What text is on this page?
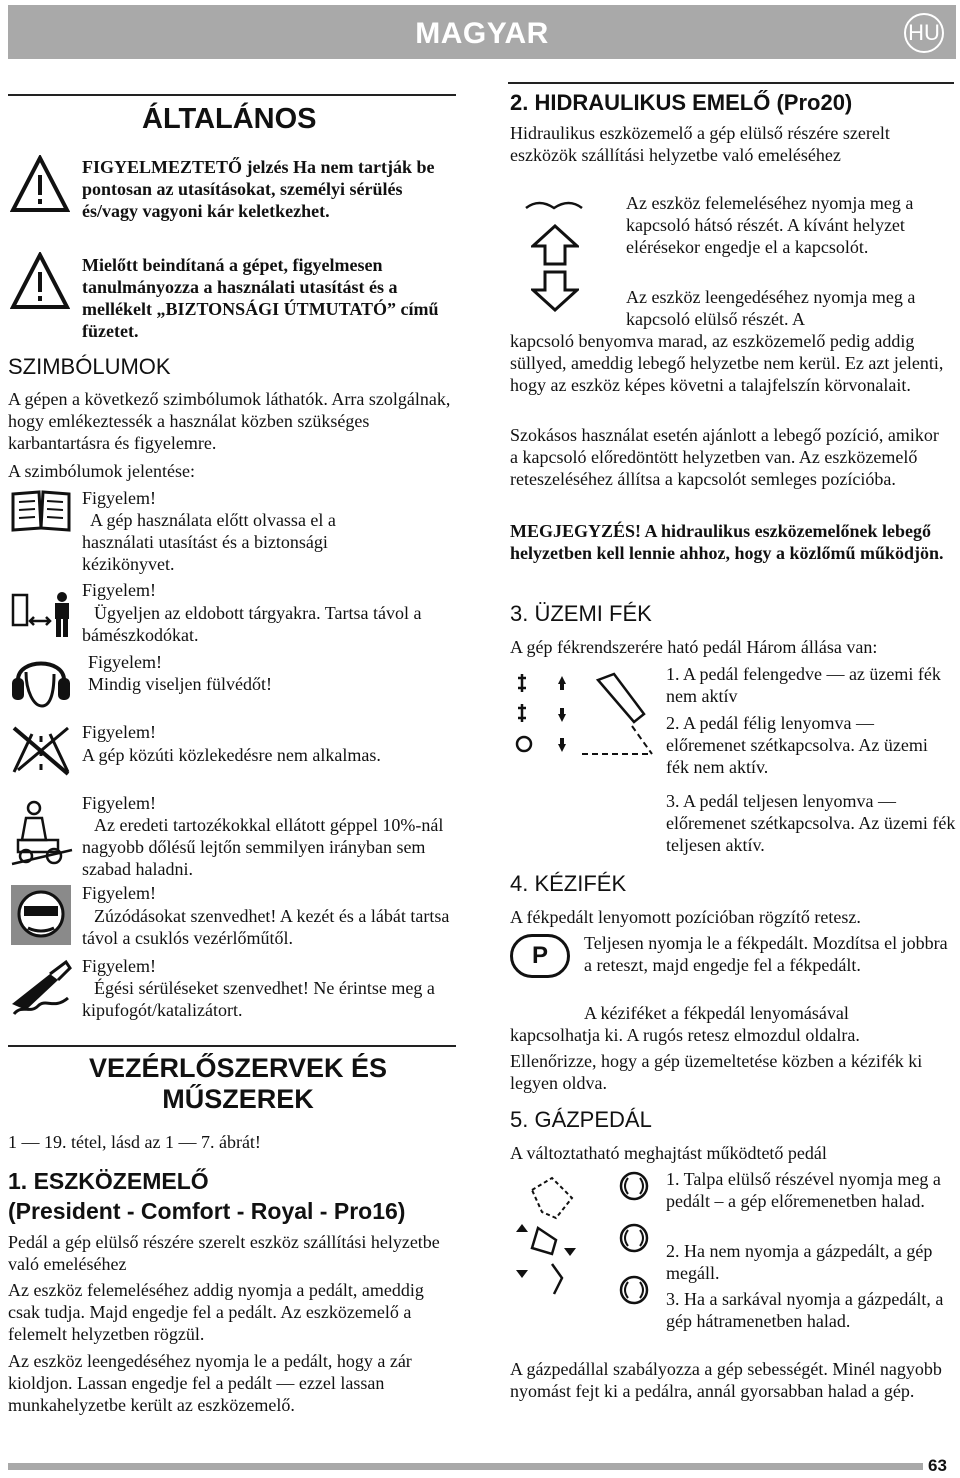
MAGYAR	HU
ÁLTALÁNOS

FIGYELMEZTETŐ jelzés Ha nem tartják be pontosan az utasításokat, személyi sérülés és/vagy vagyoni kár keletkezhet.

Mielőtt beindítaná a gépet, figyelmesen tanulmányozza a használati utasítást és a mellékelt „BIZTONSÁGI ÚTMUTATÓ” című füzetet.

SZIMBÓLUMOK

A gépen a következő szimbólumok láthatók. Arra szolgálnak, hogy emlékeztessék a használat közben szükséges karbantartásra és figyelemre.

A szimbólumok jelentése:

Figyelem!

A gép használata előtt olvassa el a használati utasítást és a biztonsági kézikönyvet.

Figyelem!

Ügyeljen az eldobott tárgyakra. Tartsa távol a bámészkodókat.

Figyelem!

Mindig viseljen fülvédőt!

Figyelem!

A gép közúti közlekedésre nem alkalmas.

Figyelem!

Az eredeti tartozékokkal ellátott géppel 10%-nál nagyobb dőlésű lejtőn semmilyen irányban sem szabad haladni.

Figyelem!

Zúzódásokat szenvedhet! A kezét és a lábát tartsa távol a csuklós vezérlőműtől.

Figyelem!

Égési sérüléseket szenvedhet! Ne érintse meg a kipufogót/katalizátort.

VEZÉRLŐSZERVEK ÉS
MŰSZEREK

1 — 19. tétel, lásd az 1 — 7. ábrát!

1. ESZKÖZEMELŐ
(President - Comfort - Royal - Pro16)

Pedál a gép elülső részére szerelt eszköz szállítási helyzetbe való emeléséhez

Az eszköz felemeléséhez addig nyomja a pedált, ameddig csak tudja. Majd engedje fel a pedált. Az eszközemelő a felemelt helyzetben rögzül.

Az eszköz leengedéséhez nyomja le a pedált, hogy a zár kioldjon. Lassan engedje fel a pedált — ezzel lassan munkahelyzetbe került az eszközemelő.

2. HIDRAULIKUS EMELŐ (Pro20)

Hidraulikus eszközemelő a gép elülső részére szerelt eszközök szállítási helyzetbe való emeléséhez

Az eszköz felemeléséhez nyomja meg a kapcsoló hátsó részét. A kívánt helyzet elérésekor engedje el a kapcsolót.

Az eszköz leengedéséhez nyomja meg a kapcsoló elülső részét. A

kapcsoló benyomva marad, az eszközemelő pedig addig süllyed, ameddig lebegő helyzetbe nem kerül. Ez azt jelenti, hogy az eszköz képes követni a talajfelszín körvonalait.

Szokásos használat esetén ajánlott a lebegő pozíció, amikor a kapcsoló előredöntött helyzetben van. Az eszközemelő reteszeléséhez állítsa a kapcsolót semleges pozícióba.

MEGJEGYZÉS! A hidraulikus eszközemelőnek lebegő helyzetben kell lennie ahhoz, hogy a közlőmű működjön.

3. ÜZEMI FÉK

A gép fékrendszerére ható pedál Három állása van:

1. A pedál felengedve — az üzemi fék nem aktív

2. A pedál félig lenyomva — előremenet szétkapcsolva. Az üzemi fék nem aktív.

3. A pedál teljesen lenyomva — előremenet szétkapcsolva. Az üzemi fék teljesen aktív.

4. KÉZIFÉK

A fékpedált lenyomott pozícióban rögzítő retesz.

P	Teljesen nyomja le a fékpedált. Mozdítsa el jobbra a reteszt, majd engedje fel a fékpedált.

A kéziféket a fékpedál lenyomásával

kapcsolhatja ki. A rugós retesz elmozdul oldalra.

Ellenőrizze, hogy a gép üzemeltetése közben a kézifék ki legyen oldva.

5. GÁZPEDÁL

A változtatható meghajtást működtető pedál

1. Talpa elülső részével nyomja meg a pedált – a gép előremenetben halad.

2. Ha nem nyomja a gázpedált, a gép megáll.

3. Ha a sarkával nyomja a gázpedált, a gép hátramenetben halad.

A gázpedállal szabályozza a gép sebességét. Minél nagyobb nyomást fejt ki a pedálra, annál gyorsabban halad a gép.

63
